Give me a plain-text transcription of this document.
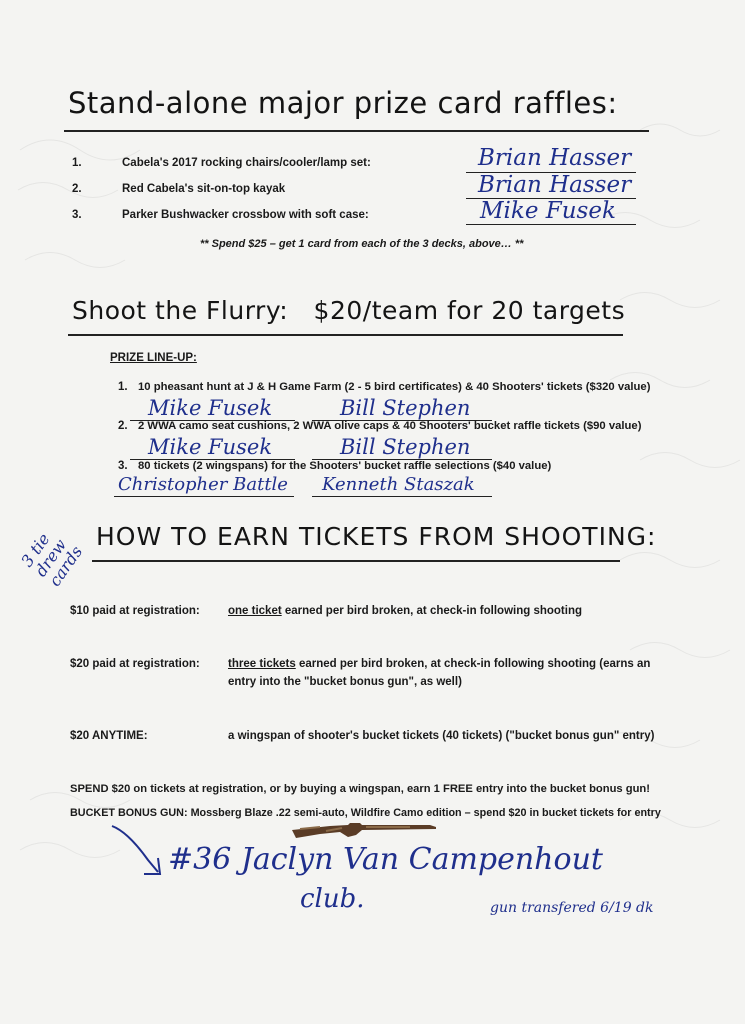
Stand-alone major prize card raffles:
1.	Cabela's 2017 rocking chairs/cooler/lamp set:	Brian Hasser
2.	Red Cabela's sit-on-top kayak	Brian Hasser
3.	Parker Bushwacker crossbow with soft case:	Mike Fusek
** Spend $25 – get 1 card from each of the 3 decks, above… **
Shoot the Flurry:   $20/team for 20 targets
PRIZE LINE-UP:
1. 10 pheasant hunt at J & H Game Farm (2 - 5 bird certificates) & 40 Shooters' tickets ($320 value)
Mike Fusek	Bill Stephen
2. 2 WWA camo seat cushions, 2 WWA olive caps & 40 Shooters' bucket raffle tickets ($90 value)
Mike Fusek	Bill Stephen
3. 80 tickets (2 wingspans) for the Shooters' bucket raffle selections ($40 value)
Christopher Battle Kenneth Staszak
3 tie drew cards
HOW TO EARN TICKETS FROM SHOOTING:
$10 paid at registration: one ticket earned per bird broken, at check-in following shooting
$20 paid at registration: three tickets earned per bird broken, at check-in following shooting (earns an
entry into the "bucket bonus gun", as well)
$20 ANYTIME:	a wingspan of shooter's bucket tickets (40 tickets) ("bucket bonus gun" entry)
SPEND $20 on tickets at registration, or by buying a wingspan, earn 1 FREE entry into the bucket bonus gun!
BUCKET BONUS GUN: Mossberg Blaze .22 semi-auto, Wildfire Camo edition – spend $20 in bucket tickets for entry
#36 Jaclyn Van Campenhout
club.	gun transfered 6/19 dk
